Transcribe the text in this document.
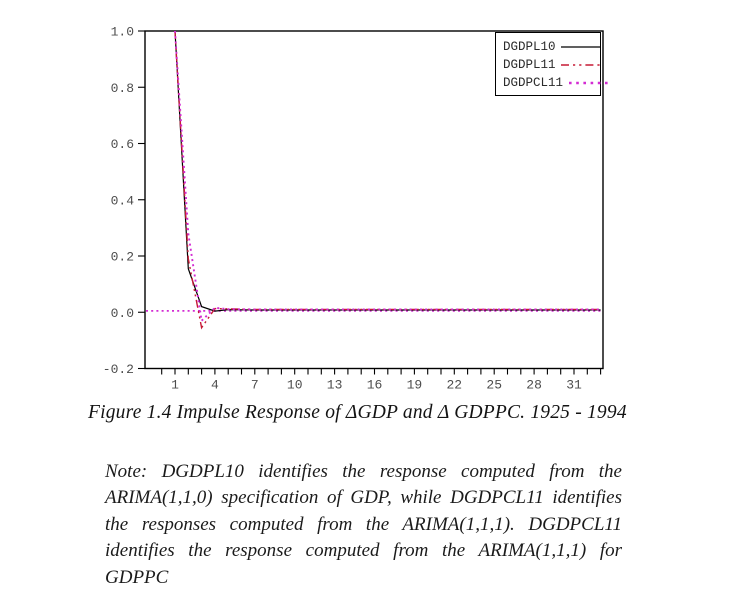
1 4 7 10 13 16 19 22 25 28 31
1.0
0.8
0.6
0.4
0.2
0.0
-0.2
DGDPL10
DGDPL11
DGDPCL11
Figure 1.4 Impulse Response of ΔGDP and Δ GDPPC. 1925 - 1994
Note: DGDPL10 identifies the response computed from the
ARIMA(1,1,0) specification of GDP, while DGDPCL11 identifies
the responses computed from the ARIMA(1,1,1). DGDPCL11
identifies the response computed from the ARIMA(1,1,1) for
GDPPC
